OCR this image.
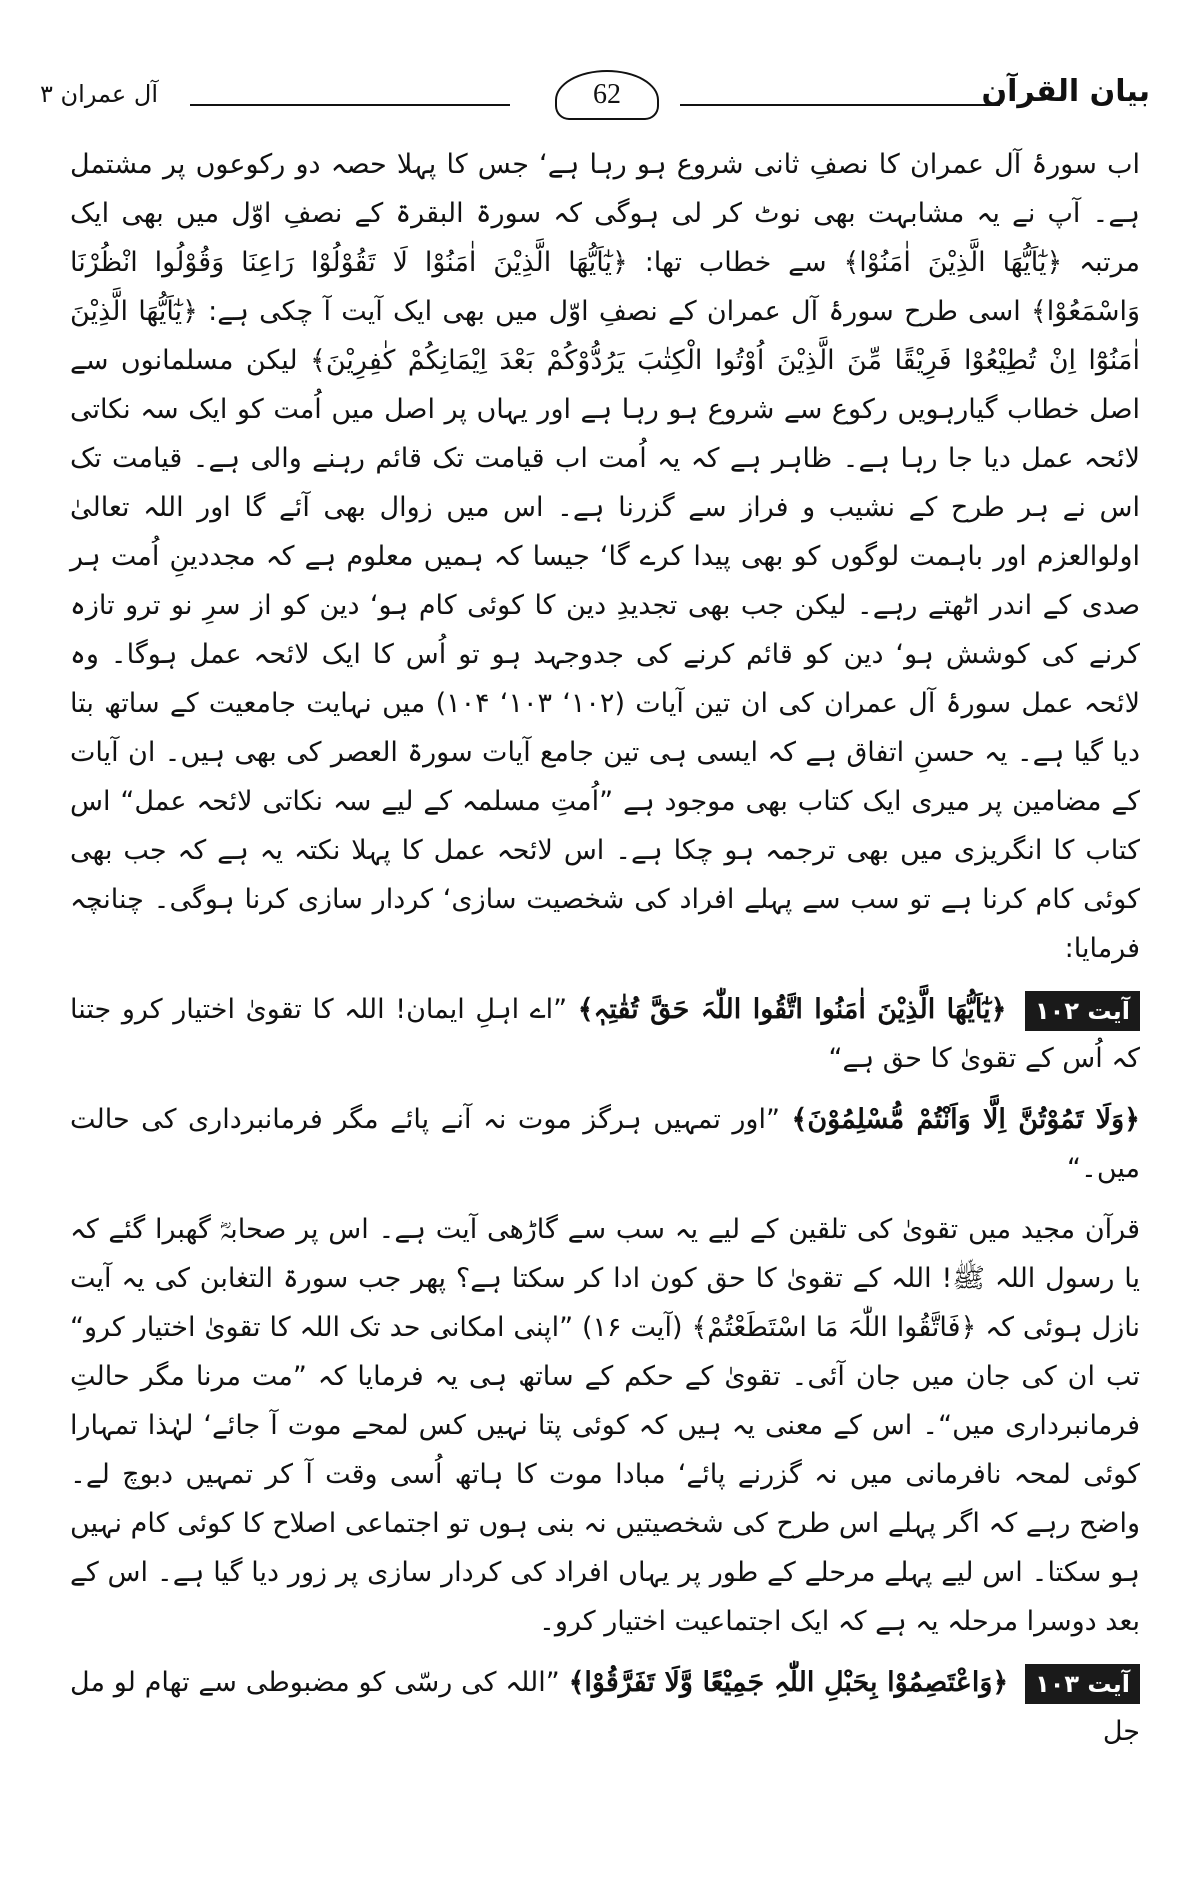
بیان القرآن
62
آل عمران ۳

اب سورۂ آل عمران کا نصفِ ثانی شروع ہو رہا ہے‘ جس کا پہلا حصہ دو رکوعوں پر مشتمل ہے۔ آپ نے یہ مشابہت بھی نوٹ کر لی ہوگی کہ سورۃ البقرۃ کے نصفِ اوّل میں بھی ایک مرتبہ ﴿یٰٓاَیُّھَا الَّذِیْنَ اٰمَنُوْا﴾ سے خطاب تھا: ﴿یٰٓاَیُّھَا الَّذِیْنَ اٰمَنُوْا لَا تَقُوْلُوْا رَاعِنَا وَقُوْلُوا انْظُرْنَا وَاسْمَعُوْا﴾ اسی طرح سورۂ آل عمران کے نصفِ اوّل میں بھی ایک آیت آ چکی ہے: ﴿یٰٓاَیُّھَا الَّذِیْنَ اٰمَنُوْٓا اِنْ تُطِیْعُوْا فَرِیْقًا مِّنَ الَّذِیْنَ اُوْتُوا الْکِتٰبَ یَرُدُّوْکُمْ بَعْدَ اِیْمَانِکُمْ کٰفِرِیْنَ﴾ لیکن مسلمانوں سے اصل خطاب گیارہویں رکوع سے شروع ہو رہا ہے اور یہاں پر اصل میں اُمت کو ایک سہ نکاتی لائحہ عمل دیا جا رہا ہے۔ ظاہر ہے کہ یہ اُمت اب قیامت تک قائم رہنے والی ہے۔ قیامت تک اس نے ہر طرح کے نشیب و فراز سے گزرنا ہے۔ اس میں زوال بھی آئے گا اور اللہ تعالیٰ اولوالعزم اور باہمت لوگوں کو بھی پیدا کرے گا‘ جیسا کہ ہمیں معلوم ہے کہ مجددینِ اُمت ہر صدی کے اندر اٹھتے رہے۔ لیکن جب بھی تجدیدِ دین کا کوئی کام ہو‘ دین کو از سرِ نو ترو تازہ کرنے کی کوشش ہو‘ دین کو قائم کرنے کی جدوجہد ہو تو اُس کا ایک لائحہ عمل ہوگا۔ وہ لائحہ عمل سورۂ آل عمران کی ان تین آیات (۱۰۲‘ ۱۰۳‘ ۱۰۴) میں نہایت جامعیت کے ساتھ بتا دیا گیا ہے۔ یہ حسنِ اتفاق ہے کہ ایسی ہی تین جامع آیات سورۃ العصر کی بھی ہیں۔ ان آیات کے مضامین پر میری ایک کتاب بھی موجود ہے ”اُمتِ مسلمہ کے لیے سہ نکاتی لائحہ عمل“ اس کتاب کا انگریزی میں بھی ترجمہ ہو چکا ہے۔ اس لائحہ عمل کا پہلا نکتہ یہ ہے کہ جب بھی کوئی کام کرنا ہے تو سب سے پہلے افراد کی شخصیت سازی‘ کردار سازی کرنا ہوگی۔ چنانچہ فرمایا:

آیت ۱۰۲ ﴿یٰٓاَیُّھَا الَّذِیْنَ اٰمَنُوا اتَّقُوا اللّٰہَ حَقَّ تُقٰتِہٖ﴾ ”اے اہلِ ایمان! اللہ کا تقویٰ اختیار کرو جتنا کہ اُس کے تقویٰ کا حق ہے“

﴿وَلَا تَمُوْتُنَّ اِلَّا وَاَنْتُمْ مُّسْلِمُوْنَ﴾ ”اور تمہیں ہرگز موت نہ آنے پائے مگر فرمانبرداری کی حالت میں۔“

قرآن مجید میں تقویٰ کی تلقین کے لیے یہ سب سے گاڑھی آیت ہے۔ اس پر صحابہؓ گھبرا گئے کہ یا رسول اللہ ﷺ! اللہ کے تقویٰ کا حق کون ادا کر سکتا ہے؟ پھر جب سورۃ التغابن کی یہ آیت نازل ہوئی کہ ﴿فَاتَّقُوا اللّٰہَ مَا اسْتَطَعْتُمْ﴾ (آیت ۱۶) ”اپنی امکانی حد تک اللہ کا تقویٰ اختیار کرو“ تب ان کی جان میں جان آئی۔ تقویٰ کے حکم کے ساتھ ہی یہ فرمایا کہ ”مت مرنا مگر حالتِ فرمانبرداری میں“۔ اس کے معنی یہ ہیں کہ کوئی پتا نہیں کس لمحے موت آ جائے‘ لہٰذا تمہارا کوئی لمحہ نافرمانی میں نہ گزرنے پائے‘ مبادا موت کا ہاتھ اُسی وقت آ کر تمہیں دبوچ لے۔ واضح رہے کہ اگر پہلے اس طرح کی شخصیتیں نہ بنی ہوں تو اجتماعی اصلاح کا کوئی کام نہیں ہو سکتا۔ اس لیے پہلے مرحلے کے طور پر یہاں افراد کی کردار سازی پر زور دیا گیا ہے۔ اس کے بعد دوسرا مرحلہ یہ ہے کہ ایک اجتماعیت اختیار کرو۔

آیت ۱۰۳ ﴿وَاعْتَصِمُوْا بِحَبْلِ اللّٰہِ جَمِیْعًا وَّلَا تَفَرَّقُوْا﴾ ”اللہ کی رسّی کو مضبوطی سے تھام لو مل جل
